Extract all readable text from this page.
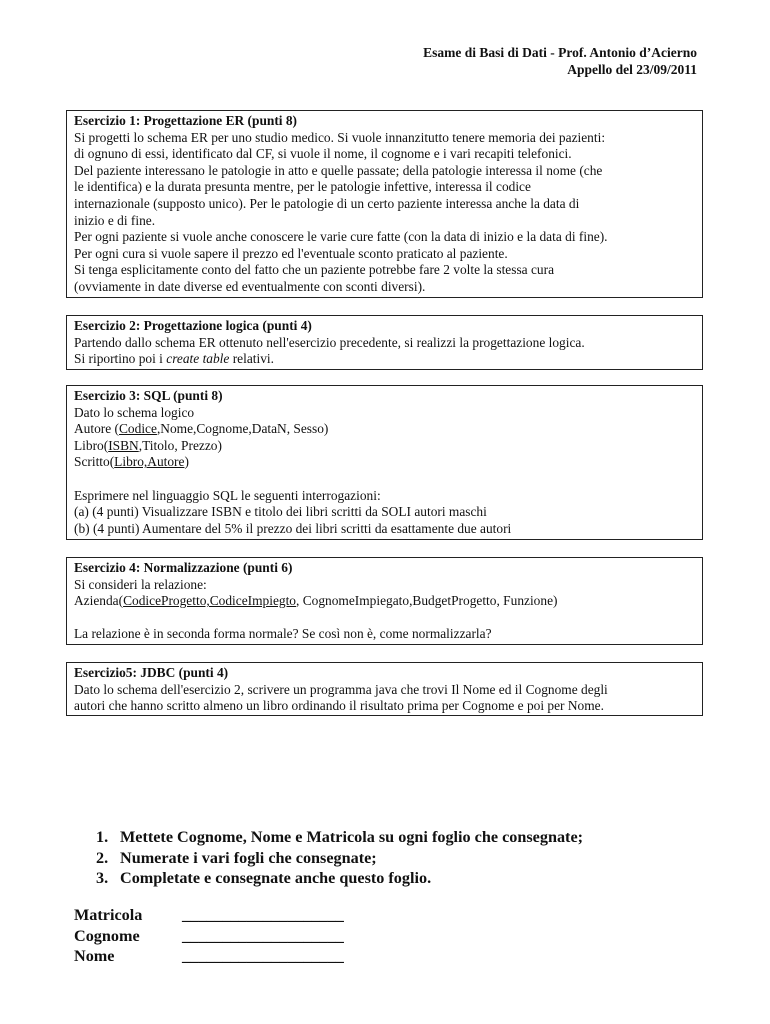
Esame di Basi di Dati - Prof. Antonio d’Acierno
Appello del 23/09/2011

Esercizio 1: Progettazione ER (punti 8)

Si progetti lo schema ER per uno studio medico. Si vuole innanzitutto tenere memoria dei pazienti:

di ognuno di essi, identificato dal CF, si vuole il nome, il cognome e i vari recapiti telefonici.

Del paziente interessano le patologie in atto e quelle passate; della patologie interessa il nome (che

le identifica) e la durata presunta mentre, per le patologie infettive, interessa il codice

internazionale (supposto unico). Per le patologie di un certo paziente interessa anche la data di

inizio e di fine.

Per ogni paziente si vuole anche conoscere le varie cure fatte (con la data di inizio e la data di fine).

Per ogni cura si vuole sapere il prezzo ed l'eventuale sconto praticato al paziente.

Si tenga esplicitamente conto del fatto che un paziente potrebbe fare 2 volte la stessa cura

(ovviamente in date diverse ed eventualmente con sconti diversi).

Esercizio 2: Progettazione logica (punti 4)

Partendo dallo schema ER ottenuto nell'esercizio precedente, si realizzi la progettazione logica.

Si riportino poi i create table relativi.

Esercizio 3: SQL (punti 8)

Dato lo schema logico

Autore (Codice,Nome,Cognome,DataN, Sesso)

Libro(ISBN,Titolo, Prezzo)

Scritto(Libro,Autore)

Esprimere nel linguaggio SQL le seguenti interrogazioni:

(a) (4 punti) Visualizzare ISBN e titolo dei libri scritti da SOLI autori maschi

(b) (4 punti) Aumentare del 5% il prezzo dei libri scritti da esattamente due autori

Esercizio 4: Normalizzazione (punti 6)

Si consideri la relazione:

Azienda(CodiceProgetto,CodiceImpiegto, CognomeImpiegato,BudgetProgetto, Funzione)

La relazione è in seconda forma normale? Se così non è, come normalizzarla?

Esercizio5: JDBC (punti 4)

Dato lo schema dell'esercizio 2, scrivere un programma java che trovi Il Nome ed il Cognome degli

autori che hanno scritto almeno un libro ordinando il risultato prima per Cognome e poi per Nome.

1. Mettete Cognome, Nome e Matricola su ogni foglio che consegnate;
2. Numerate i vari fogli che consegnate;
3. Completate e consegnate anche questo foglio.
Matricola	____________________
Cognome	____________________
Nome	____________________
